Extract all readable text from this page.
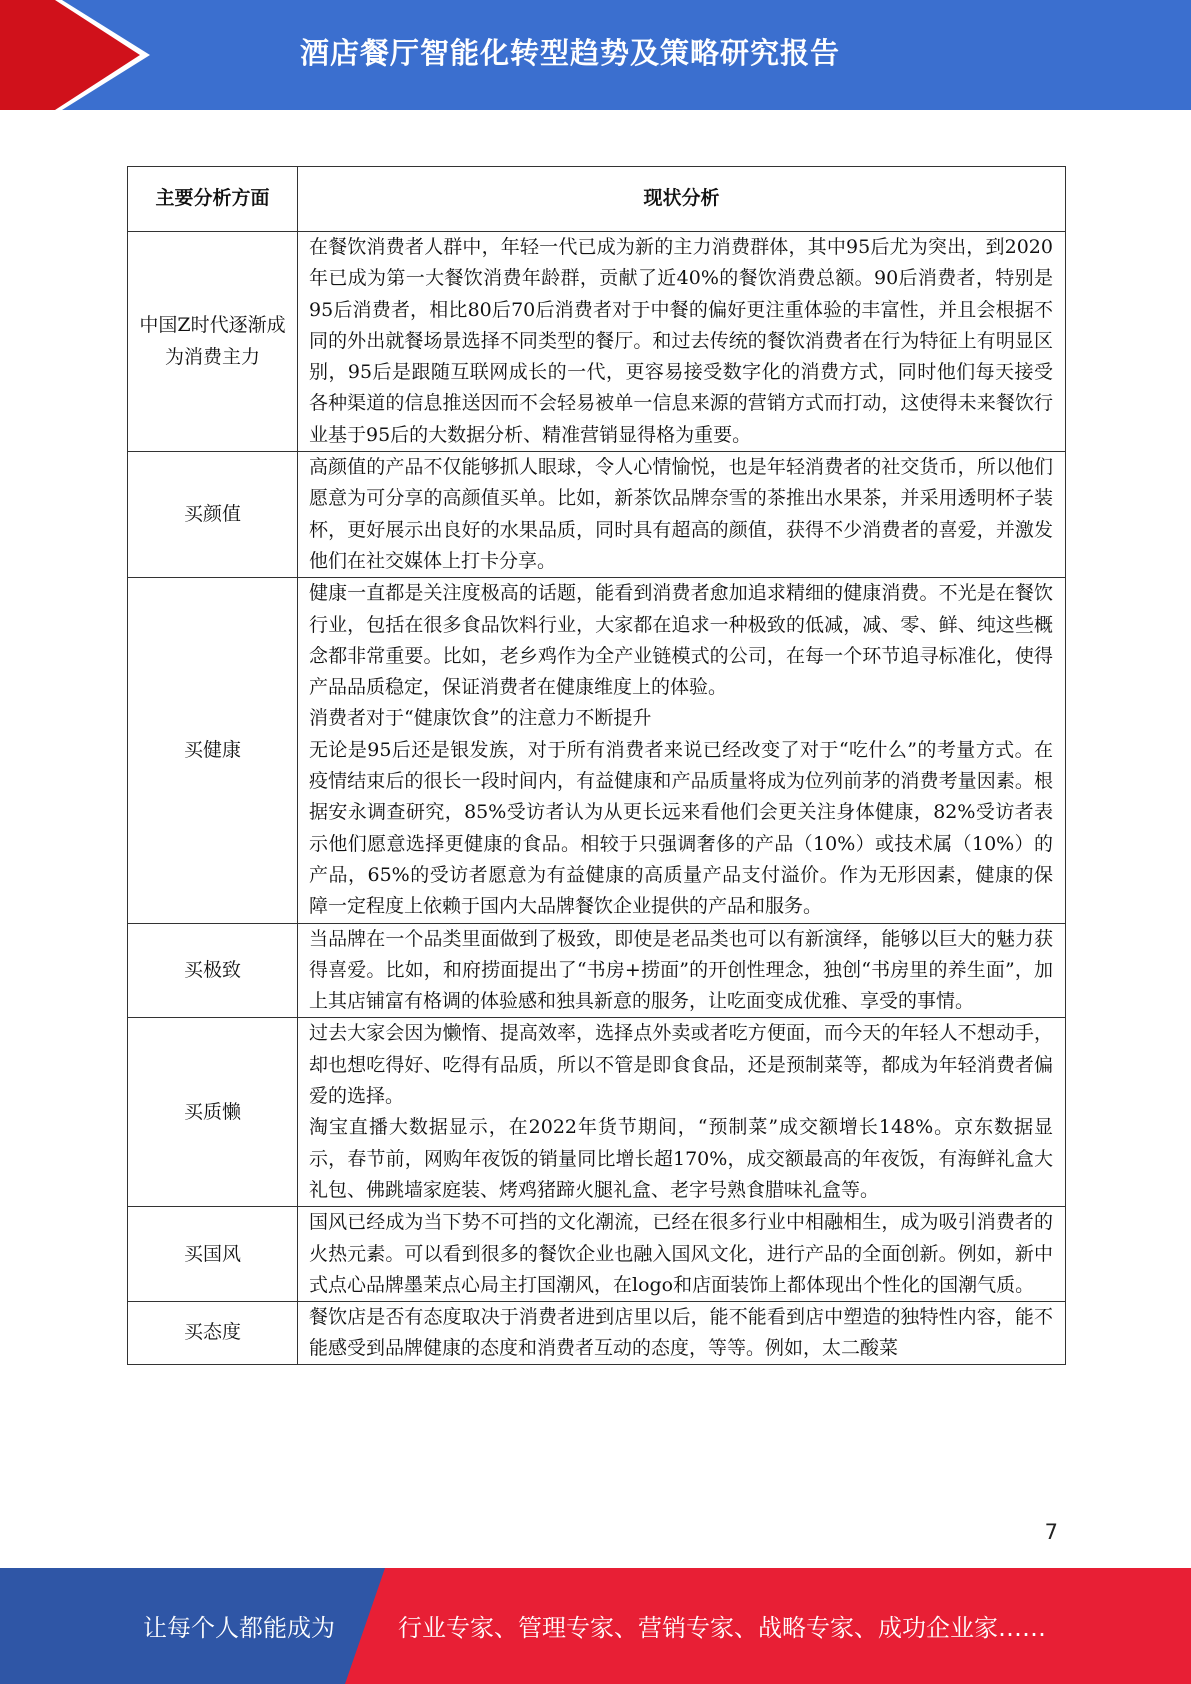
酒店餐厅智能化转型趋势及策略研究报告
主要分析方面	现状分析
中国Z时代逐渐成为消费主力	在餐饮消费者人群中，年轻一代已成为新的主力消费群体，其中95后尤为突出，到2020年已成为第一大餐饮消费年龄群，贡献了近40%的餐饮消费总额。90后消费者，特别是95后消费者，相比80后70后消费者对于中餐的偏好更注重体验的丰富性，并且会根据不同的外出就餐场景选择不同类型的餐厅。和过去传统的餐饮消费者在行为特征上有明显区别，95后是跟随互联网成长的一代，更容易接受数字化的消费方式，同时他们每天接受各种渠道的信息推送因而不会轻易被单一信息来源的营销方式而打动，这使得未来餐饮行业基于95后的大数据分析、精准营销显得格为重要。

买颜值	高颜值的产品不仅能够抓人眼球，令人心情愉悦，也是年轻消费者的社交货币，所以他们愿意为可分享的高颜值买单。比如，新茶饮品牌奈雪的茶推出水果茶，并采用透明杯子装杯，更好展示出良好的水果品质，同时具有超高的颜值，获得不少消费者的喜爱，并激发他们在社交媒体上打卡分享。

买健康	健康一直都是关注度极高的话题，能看到消费者愈加追求精细的健康消费。不光是在餐饮行业，包括在很多食品饮料行业，大家都在追求一种极致的低减，减、零、鲜、纯这些概念都非常重要。比如，老乡鸡作为全产业链模式的公司，在每一个环节追寻标准化，使得产品品质稳定，保证消费者在健康维度上的体验。

消费者对于“健康饮食”的注意力不断提升

无论是95后还是银发族，对于所有消费者来说已经改变了对于“吃什么”的考量方式。在疫情结束后的很长一段时间内，有益健康和产品质量将成为位列前茅的消费考量因素。根据安永调查研究，85%受访者认为从更长远来看他们会更关注身体健康，82%受访者表示他们愿意选择更健康的食品。相较于只强调奢侈的产品（10%）或技术属（10%）的产品，65%的受访者愿意为有益健康的高质量产品支付溢价。作为无形因素，健康的保障一定程度上依赖于国内大品牌餐饮企业提供的产品和服务。

买极致	当品牌在一个品类里面做到了极致，即使是老品类也可以有新演绎，能够以巨大的魅力获得喜爱。比如，和府捞面提出了“书房+捞面”的开创性理念，独创“书房里的养生面”，加上其店铺富有格调的体验感和独具新意的服务，让吃面变成优雅、享受的事情。

买质懒	过去大家会因为懒惰、提高效率，选择点外卖或者吃方便面，而今天的年轻人不想动手，却也想吃得好、吃得有品质，所以不管是即食食品，还是预制菜等，都成为年轻消费者偏爱的选择。

淘宝直播大数据显示，在2022年货节期间，“预制菜”成交额增长148%。京东数据显示，春节前，网购年夜饭的销量同比增长超170%，成交额最高的年夜饭，有海鲜礼盒大礼包、佛跳墙家庭装、烤鸡猪蹄火腿礼盒、老字号熟食腊味礼盒等。

买国风	国风已经成为当下势不可挡的文化潮流，已经在很多行业中相融相生，成为吸引消费者的火热元素。可以看到很多的餐饮企业也融入国风文化，进行产品的全面创新。例如，新中式点心品牌墨茉点心局主打国潮风，在logo和店面装饰上都体现出个性化的国潮气质。

买态度	餐饮店是否有态度取决于消费者进到店里以后，能不能看到店中塑造的独特性内容，能不能感受到品牌健康的态度和消费者互动的态度，等等。例如，太二酸菜

7
让每个人都能成为	行业专家、管理专家、营销专家、战略专家、成功企业家……
